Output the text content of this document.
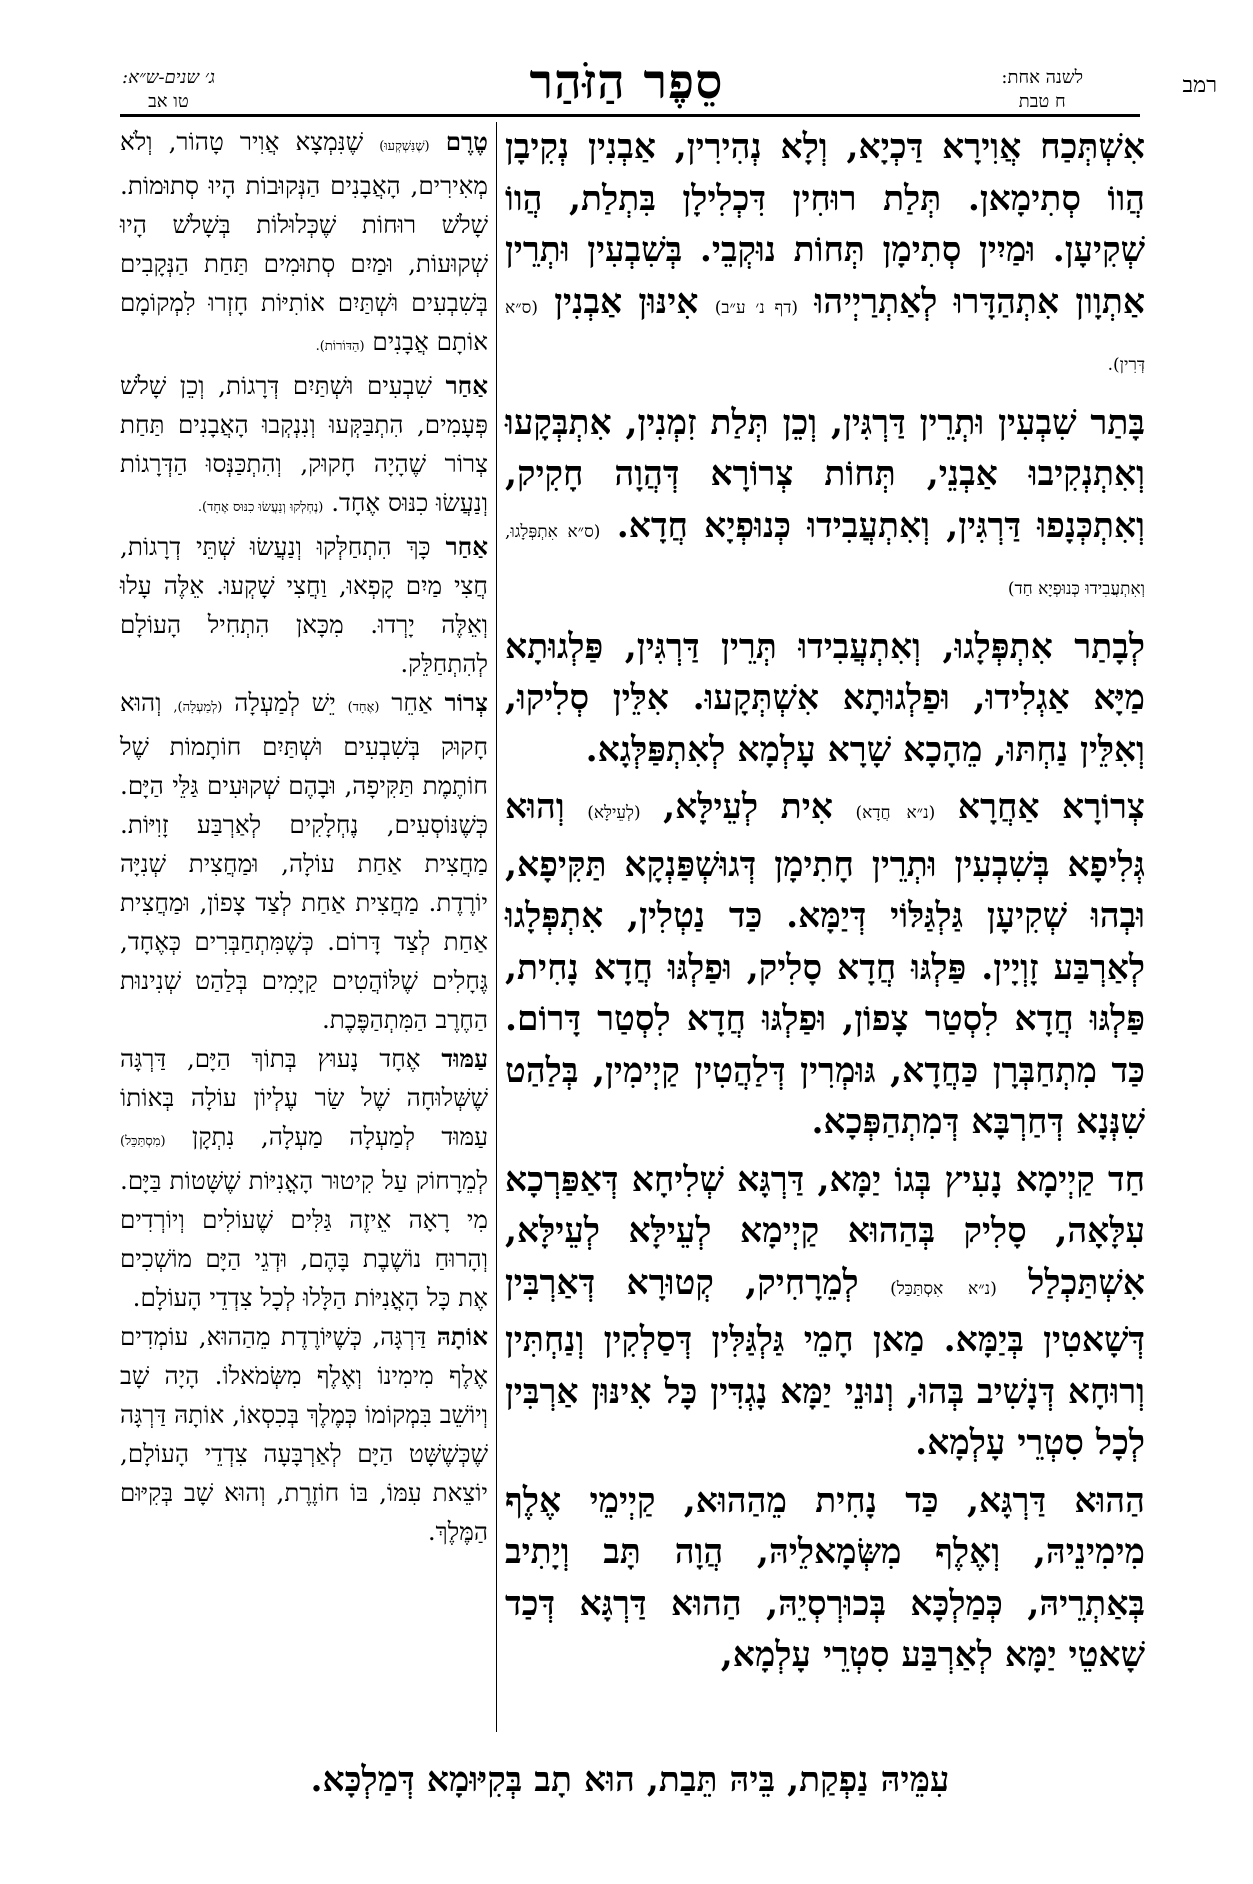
רמב
לשנה אחת:
ח טבת
סֵפֶר הַזֹּהַר
ג׳ שנים-ש״א:
טו אב

אִשְׁתְּכַח אֲוִירָא דַּכְיָא, וְלָא נְהִירִין, אַבְנִין נְקִיבָן הֲווֹ סְתִימָאן. תְּלַת רוּחִין דִּכְלִילָן בִּתְלַת, הֲווֹ שְׁקִיעָן. וּמַיִין סְתִימָן תְּחוֹת נוּקְבֵי. בְּשִׁבְעִין וּתְרֵין אַתְוָון אִתְהַדָּרוּ לְאַתְרַיְיהוּ (דף נ׳ ע״ב) אִינּוּן אַבְנִין (ס״א דְּרִין).

בָּתַר שִׁבְעִין וּתְרֵין דַּרְגִּין, וְכֵן תְּלַת זִמְנִין, אִתְבְּקָעוּ וְאִתְנְקִיבוּ אַבְנֵי, תְּחוֹת צְרוֹרָא דְּהֲוָה חָקִיק, וְאִתְכְּנָפוּ דַּרְגִּין, וְאִתְעֲבִידוּ כְּנוּפְיָא חֲדָא. (ס״א אִתְפְּלָגוּ, וְאִתְעֲבִידוּ כְּנוּפְיָא חַד)

לְבָתַר אִתְפְּלָגוּ, וְאִתְעֲבִידוּ תְּרֵין דַּרְגִּין, פַּלְגוּתָא מַיָּא אַגְלִידוּ, וּפַלְגוּתָא אִשְׁתְּקָעוּ. אִלֵּין סְלִיקוּ, וְאִלֵּין נַחְתּוּ, מֵהָכָא שָׁרָא עָלְמָא לְאִתְפַּלְּגָא.

צְרוֹרָא אַחֲרָא (נ״א חֲדָא) אִית לְעֵילָּא, (לְעֵילָּא) וְהוּא גְּלִיפָא בְּשִׁבְעִין וּתְרֵין חָתִימָן דְּגוּשְׁפַּנְקָא תַּקִּיפָא, וּבְהוּ שְׁקִיעָן גַּלְגַּלּוֹי דְּיַמָּא. כַּד נַטְלִין, אִתְפְּלָגוּ לְאַרְבַּע זָוְיָין. פַּלְגּוּ חֲדָא סָלִיק, וּפַלְגּוּ חֲדָא נָחִית, פַּלְגּוּ חֲדָא לִסְטַר צָפוֹן, וּפַלְגּוּ חֲדָא לִסְטַר דָּרוֹם. כַּד מִתְחַבְּרָן כַּחֲדָא, גּוּמְרִין דְּלַהֲטִין קַיְימִין, בְּלַהַט שִׁנְּנָא דְּחַרְבָּא דְּמִתְהַפְּכָא.

חַד קַיְימָא נָעִיץ בְּגוֹ יַמָּא, דַּרְגָּא שְׁלִיחָא דְּאַפַּרְכָא עִלָּאָה, סָלִיק בְּהַהוּא קַיְימָא לְעֵילָּא לְעֵילָּא, אִשְׁתַּכְלַל (נ״א אִסְתַּכַּל) לְמֵרָחִיק, קְטוּרָא דְּאַרְבִּין דְּשָׁאטִין בְּיַמָּא. מַאן חָמֵי גַּלְגַּלִּין דְּסַלְקִין וְנַחְתִּין וְרוּחָא דְּנָשִׁיב בְּהוּ, וְנוּנֵי יַמָּא נָגְדִּין כָּל אִינּוּן אַרְבִּין לְכָל סִטְרֵי עָלְמָא.

הַהוּא דַּרְגָּא, כַּד נָחִית מֵהַהוּא, קַיְימֵי אֶלֶף מִימִינֵיהּ, וְאֶלֶף מִשְּׂמָאלֵיהּ, הֲוָה תָּב וְיָתִיב בְּאַתְרֵיהּ, כְּמַלְכָּא בְּכוּרְסְיֵהּ, הַהוּא דַּרְגָּא דְּכַד שָׁאטֵי יַמָּא לְאַרְבַּע סִטְרֵי עָלְמָא,

טֶרֶם (שֶׁנִּשְׁקְעוּ) שֶׁנִּמְצָא אֲוִיר טָהוֹר, וְלֹא מְאִירִים, הָאֲבָנִים הַנְּקוּבוֹת הָיוּ סְתוּמוֹת. שָׁלֹשׁ רוּחוֹת שֶׁכְּלוּלוֹת בְּשָׁלֹשׁ הָיוּ שְׁקוּעוֹת, וּמַיִם סְתוּמִים תַּחַת הַנְּקָבִים בְּשִׁבְעִים וּשְׁתַּיִם אוֹתִיּוֹת חָזְרוּ לִמְקוֹמָם אוֹתָם אֲבָנִים (הַדּוֹרוֹת).

אַחַר שִׁבְעִים וּשְׁתַּיִם דְּרָגוֹת, וְכֵן שָׁלֹשׁ פְּעָמִים, הִתְבַּקְּעוּ וְנִנְקְבוּ הָאֲבָנִים תַּחַת צְרוֹר שֶׁהָיָה חָקוּק, וְהִתְכַּנְּסוּ הַדְּרָגוֹת וְנַעֲשׂוּ כִנּוּס אֶחָד. (נֶחְלְקוּ וְנַעֲשׂוּ כִנּוּס אֶחָד).

אַחַר כָּךְ הִתְחַלְּקוּ וְנַעֲשׂוּ שְׁתֵּי דְרָגוֹת, חֲצִי מַיִם קָפְאוּ, וַחֲצִי שָׁקְעוּ. אֵלֶּה עָלוּ וְאֵלֶּה יָרְדוּ. מִכָּאן הִתְחִיל הָעוֹלָם לְהִתְחַלֵּק.

צְרוֹר אַחֵר (אֶחָד) יֵשׁ לְמַעְלָה (לְמַעְלָה), וְהוּא חָקוּק בְּשִׁבְעִים וּשְׁתַּיִם חוֹתָמוֹת שֶׁל חוֹתֶמֶת תַּקִּיפָה, וּבָהֶם שְׁקוּעִים גַּלֵּי הַיָּם. כְּשֶׁנּוֹסְעִים, נֶחְלָקִים לְאַרְבַּע זָוִיּוֹת. מַחֲצִית אַחַת עוֹלָה, וּמַחֲצִית שְׁנִיָּה יוֹרֶדֶת. מַחֲצִית אַחַת לְצַד צָפוֹן, וּמַחֲצִית אַחַת לְצַד דָּרוֹם. כְּשֶׁמִּתְחַבְּרִים כְּאֶחָד, גֶּחָלִים שֶׁלּוֹהֲטִים קַיָּמִים בְּלַהַט שְׁנִינוּת הַחֶרֶב הַמִּתְהַפֶּכֶת.

עַמּוּד אֶחָד נָעוּץ בְּתוֹךְ הַיָּם, דַּרְגָּה שֶׁשְּׁלוּחָה שֶׁל שַׂר עֶלְיוֹן עוֹלָה בְּאוֹתוֹ עַמּוּד לְמַעְלָה מַעְלָה, נִתְקָן (מִסְתַּכֵּל) לְמֵרָחוֹק עַל קִיטוּר הָאֳנִיּוֹת שֶׁשָּׁטוֹת בַּיָּם. מִי רָאָה אֵיזֶה גַּלִּים שֶׁעוֹלִים וְיוֹרְדִים וְהָרוּחַ נוֹשֶׁבֶת בָּהֶם, וּדְגֵי הַיָּם מוֹשְׁכִים אֶת כָּל הָאֳנִיּוֹת הַלָּלוּ לְכָל צִדְדֵי הָעוֹלָם.

אוֹתָהּ דַּרְגָּה, כְּשֶׁיּוֹרֶדֶת מֵהַהוּא, עוֹמְדִים אֶלֶף מִימִינוֹ וְאֶלֶף מִשְּׂמֹאלוֹ. הָיָה שָׁב וְיוֹשֵׁב בִּמְקוֹמוֹ כְּמֶלֶךְ בְּכִסְאוֹ, אוֹתָהּ דַּרְגָּה שֶׁכְּשֶׁשָּׁט הַיָּם לְאַרְבָּעָה צִדְדֵי הָעוֹלָם, יוֹצֵאת עִמּוֹ, בּוֹ חוֹזֶרֶת, וְהוּא שָׁב בְּקִיּוּם הַמֶּלֶךְ.

עִמֵּיהּ נַפְקַת, בֵּיהּ תֵּבַת, הוּא תָב בְּקִיּוּמָא דְּמַלְכָּא.
